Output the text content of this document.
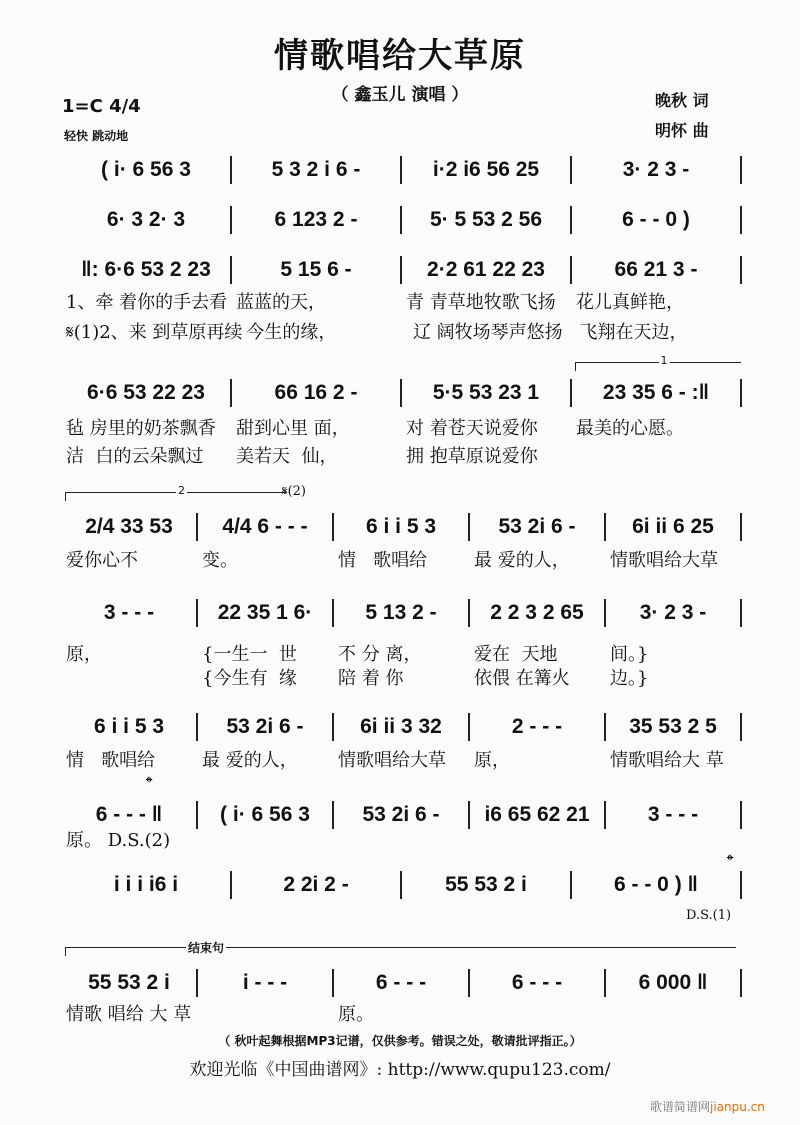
情歌唱给大草原
（ 鑫玉儿 演唱 ）
1=C 4/4
轻快 跳动地
晚秋 词
明怀 曲
( i· 6 56 3	5 3 2 i 6 -	i·2 i6 56 25	3· 2 3 -
6· 3 2· 3	6 123 2 -	5· 5 53 2 56	6 - - 0 )
‖: 6·6 53 2 23	5 15 6 -	2·2 61 22 23	66 21 3 -
1、牵 着你的手去看 蓝蓝的天，	青 青草地牧歌飞扬	花儿真鲜艳，
𝄋(1)2、来 到草原再续 今生的缘，	辽 阔牧场琴声悠扬 飞翔在天边，
6·6 53 22 23	66 16 2 -	5·5 53 23 1	23 35 6 - :‖
毡 房里的奶茶飘香	甜到心里 面，	对 着苍天说爱你	最美的心愿。
洁  白的云朵飘过	美若天  仙，	拥 抱草原说爱你
2/4 33 53	4/4 6 - - -	6 i i 5 3	53 2i 6 -	6i ii 6 25
爱你心不	变。	情   歌唱给	最 爱的人，	情歌唱给大草
3 - - -	22 35 1 6·	5 13 2 -	2 2 3 2 65	3· 2 3 -
原，	{一生一  世	不 分 离，	爱在  天地	间。}
{今生有  缘	陪 着 你	依偎 在篝火	边。}
6 i i 5 3	53 2i 6 -	6i ii 3 32	2 - - -	35 53 2 5
情   歌唱给	最 爱的人，	情歌唱给大草	原，	情歌唱给大 草
6 - - - ‖	( i· 6 56 3	53 2i 6 -	i6 65 62 21	3 - - -
原。 D.S.(2)
i i i i6 i	2 2i 2 -	55 53 2 i	6 - - 0 ) ‖
55 53 2 i	i - - -	6 - - -	6 - - -	6 000 ‖
情歌 唱给 大 草	原。
1
2	𝄋(2)
𝄌
𝄌
D.S.(1)
结束句
（ 秋叶起舞根据MP3记谱，仅供参考。错误之处，敬请批评指正。）
欢迎光临《中国曲谱网》: http://www.qupu123.com/
歌谱简谱网jianpu.cn
